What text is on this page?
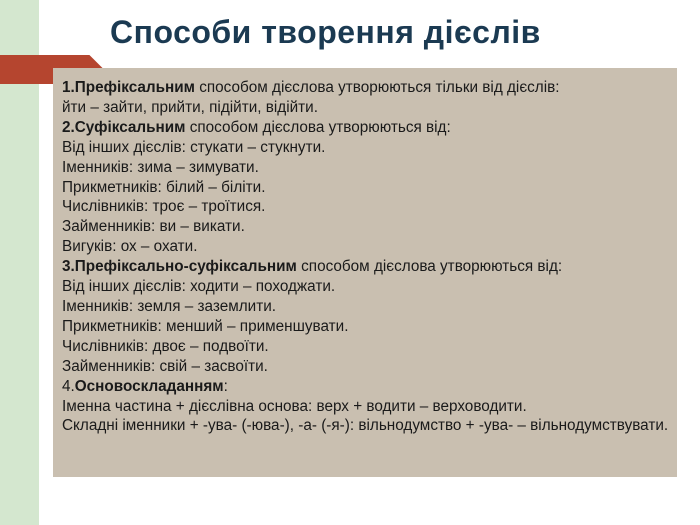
Способи творення дієслів
1.Префіксальним способом дієслова утворюються тільки від дієслів:
йти – зайти, прийти, підійти, відійти.
2.Суфіксальним способом дієслова утворюються від:
Від інших дієслів: стукати – стукнути.
Іменників: зима – зимувати.
Прикметників: білий – біліти.
Числівників: троє – троїтися.
Займенників: ви – викати.
Вигуків: ох – охати.
3.Префіксально-суфіксальним способом дієслова утворюються від:
Від інших дієслів: ходити – походжати.
Іменників: земля – заземлити.
Прикметників: менший – применшувати.
Числівників: двоє – подвоїти.
Займенників: свій – засвоїти.
4.Основоскладанням:
Іменна частина + дієслівна основа: верх + водити – верховодити.
Складні іменники + -ува- (-юва-), -а- (-я-): вільнодумство + -ува- – вільнодумствувати.
